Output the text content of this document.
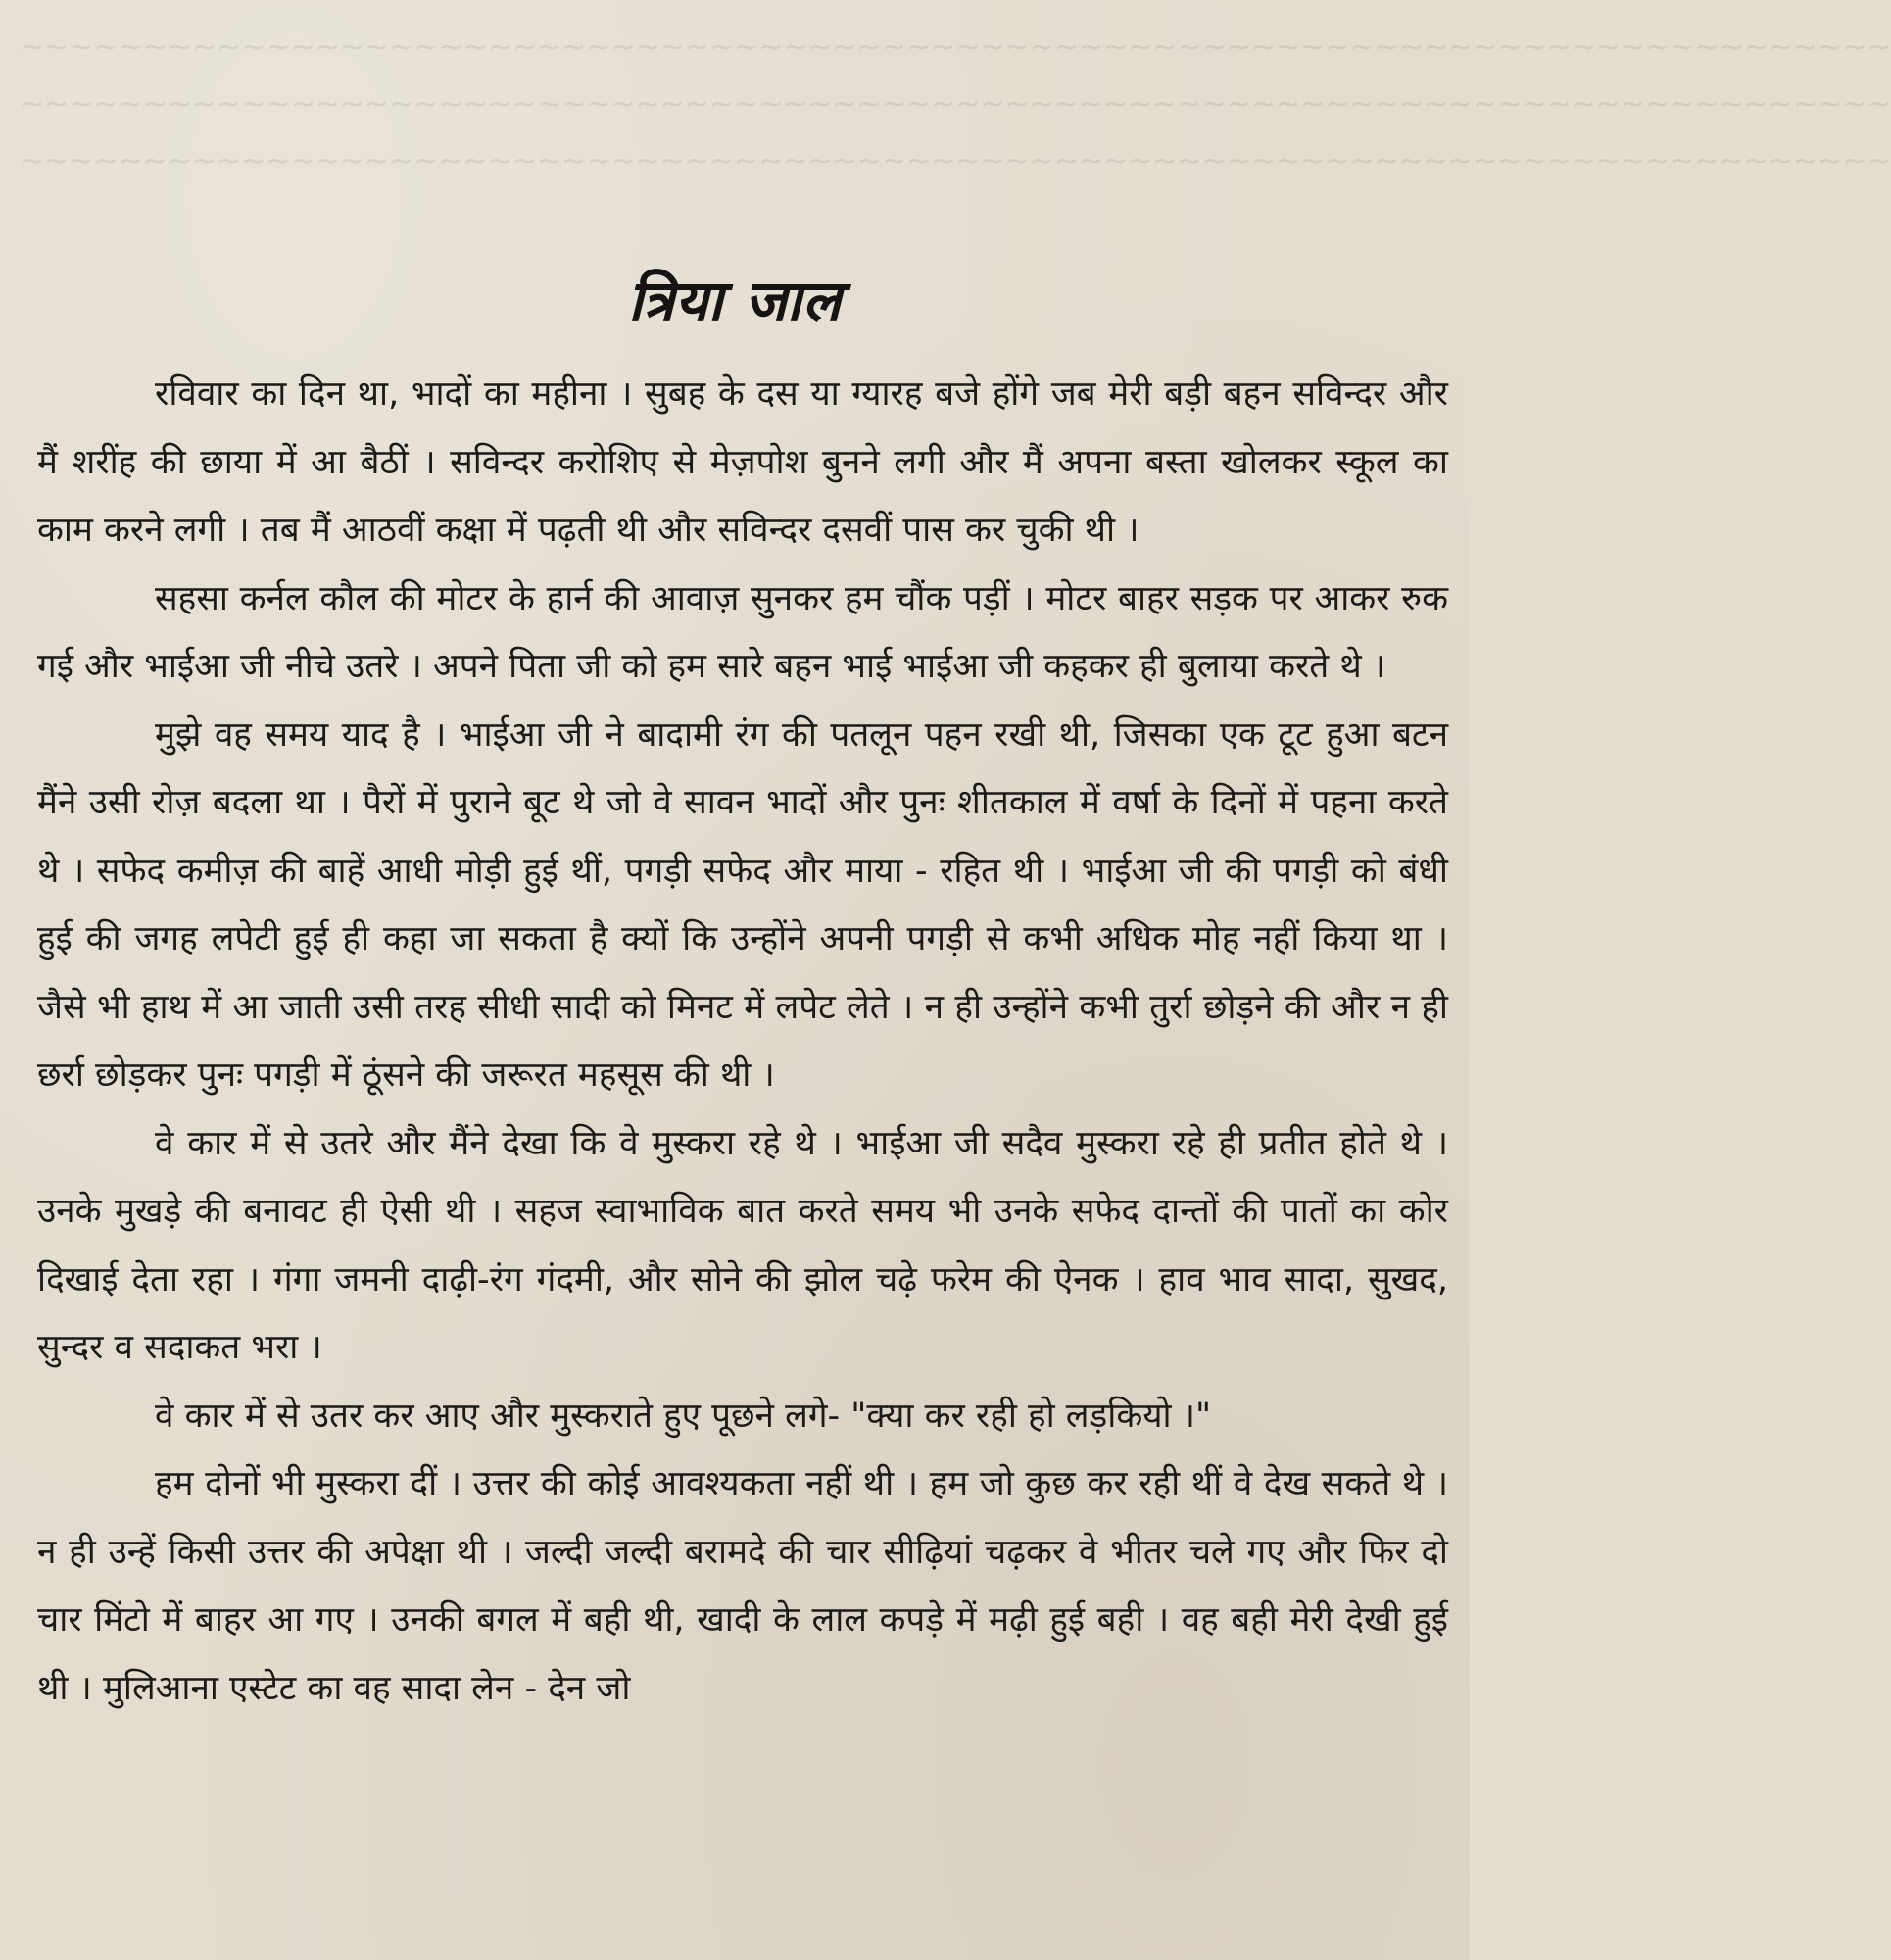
~~~~~~~~~~~~~~~~~~~~~~~~~~~~~~~~~~~~~~~~~~~~~~~~~~~~~~~~~~~~~~~~~~~~~~~~~~~~
~~~~~~~~~~~~~~~~~~~~~~~~~~~~~~~~~~~~~~~~~~~~~~~~~~~~~~~~~~~~~~~~~~~~~~~~~~~~
~~~~~~~~~~~~~~~~~~~~~~~~~~~~~~~~~~~~~~~~~~~~~~~~~~~~~~~~~~~~~~~~~~~~~~~~~~~~
त्रिया जाल

रविवार का दिन था, भादों का महीना । सुबह के दस या ग्यारह बजे होंगे जब मेरी बड़ी बहन सविन्दर और मैं शरींह की छाया में आ बैठीं । सविन्दर करोशिए से मेज़पोश बुनने लगी और मैं अपना बस्ता खोलकर स्कूल का काम करने लगी । तब मैं आठवीं कक्षा में पढ़ती थी और सविन्दर दसवीं पास कर चुकी थी ।

सहसा कर्नल कौल की मोटर के हार्न की आवाज़ सुनकर हम चौंक पड़ीं । मोटर बाहर सड़क पर आकर रुक गई और भाईआ जी नीचे उतरे । अपने पिता जी को हम सारे बहन भाई भाईआ जी कहकर ही बुलाया करते थे ।

मुझे वह समय याद है । भाईआ जी ने बादामी रंग की पतलून पहन रखी थी, जिसका एक टूट हुआ बटन मैंने उसी रोज़ बदला था । पैरों में पुराने बूट थे जो वे सावन भादों और पुनः शीतकाल में वर्षा के दिनों में पहना करते थे । सफेद कमीज़ की बाहें आधी मोड़ी हुई थीं, पगड़ी सफेद और माया - रहित थी । भाईआ जी की पगड़ी को बंधी हुई की जगह लपेटी हुई ही कहा जा सकता है क्यों कि उन्होंने अपनी पगड़ी से कभी अधिक मोह नहीं किया था । जैसे भी हाथ में आ जाती उसी तरह सीधी सादी को मिनट में लपेट लेते । न ही उन्होंने कभी तुर्रा छोड़ने की और न ही छर्रा छोड़कर पुनः पगड़ी में ठूंसने की जरूरत महसूस की थी ।

वे कार में से उतरे और मैंने देखा कि वे मुस्करा रहे थे । भाईआ जी सदैव मुस्करा रहे ही प्रतीत होते थे । उनके मुखड़े की बनावट ही ऐसी थी । सहज स्वाभाविक बात करते समय भी उनके सफेद दान्तों की पातों का कोर दिखाई देता रहा । गंगा जमनी दाढ़ी-रंग गंदमी, और सोने की झोल चढ़े फरेम की ऐनक । हाव भाव सादा, सुखद, सुन्दर व सदाकत भरा ।

वे कार में से उतर कर आए और मुस्कराते हुए पूछने लगे- "क्या कर रही हो लड़कियो ।"

हम दोनों भी मुस्करा दीं । उत्तर की कोई आवश्यकता नहीं थी । हम जो कुछ कर रही थीं वे देख सकते थे । न ही उन्हें किसी उत्तर की अपेक्षा थी । जल्दी जल्दी बरामदे की चार सीढ़ियां चढ़कर वे भीतर चले गए और फिर दो चार मिंटो में बाहर आ गए । उनकी बगल में बही थी, खादी के लाल कपड़े में मढ़ी हुई बही । वह बही मेरी देखी हुई थी । मुलिआना एस्टेट का वह सादा लेन - देन जो
